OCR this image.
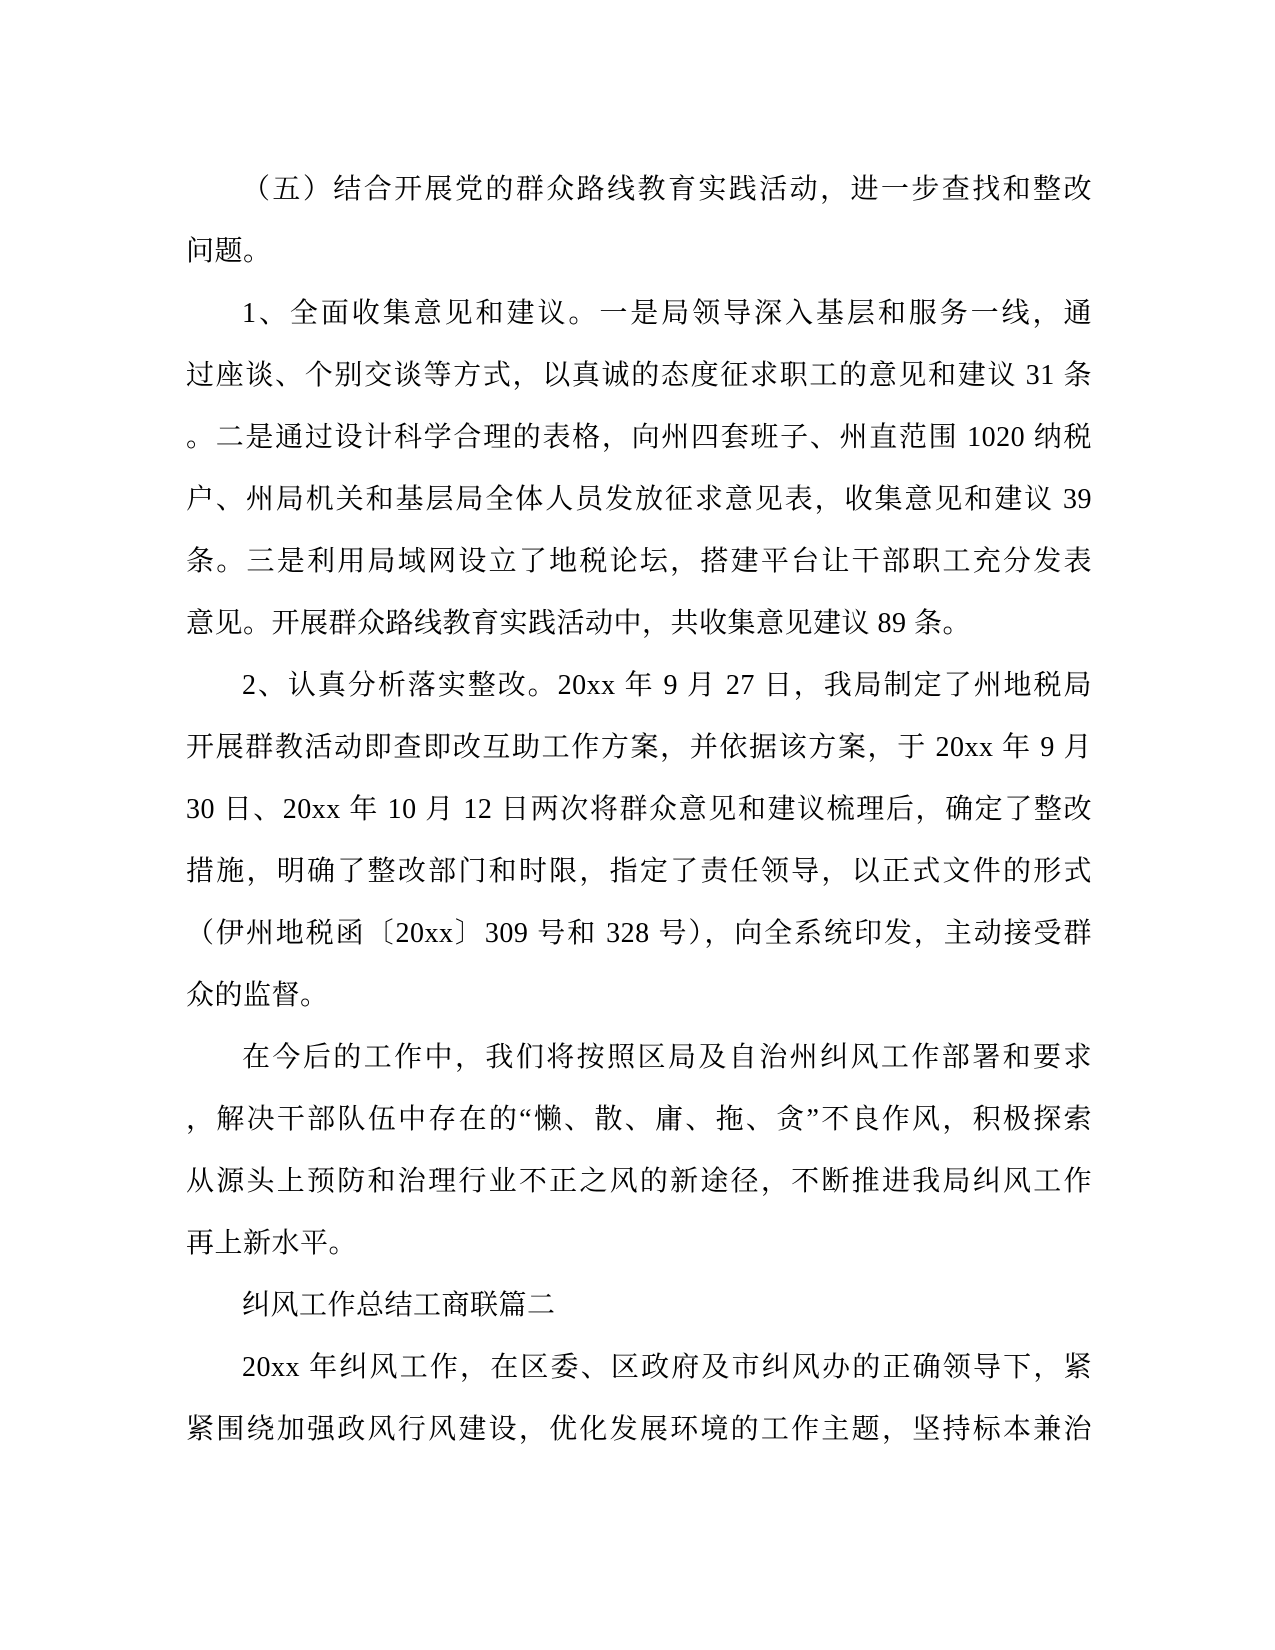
（五）结合开展党的群众路线教育实践活动，进一步查找和整改
问题。
1、全面收集意见和建议。一是局领导深入基层和服务一线，通
过座谈、个别交谈等方式，以真诚的态度征求职工的意见和建议 31 条
。二是通过设计科学合理的表格，向州四套班子、州直范围 1020 纳税
户、州局机关和基层局全体人员发放征求意见表，收集意见和建议 39
条。三是利用局域网设立了地税论坛，搭建平台让干部职工充分发表
意见。开展群众路线教育实践活动中，共收集意见建议 89 条。
2、认真分析落实整改。20xx 年 9 月 27 日，我局制定了州地税局
开展群教活动即查即改互助工作方案，并依据该方案，于 20xx 年 9 月
30 日、20xx 年 10 月 12 日两次将群众意见和建议梳理后，确定了整改
措施，明确了整改部门和时限，指定了责任领导，以正式文件的形式
（伊州地税函〔20xx〕309 号和 328 号），向全系统印发，主动接受群
众的监督。
在今后的工作中，我们将按照区局及自治州纠风工作部署和要求
，解决干部队伍中存在的“懒、散、庸、拖、贪”不良作风，积极探索
从源头上预防和治理行业不正之风的新途径，不断推进我局纠风工作
再上新水平。
纠风工作总结工商联篇二
20xx 年纠风工作，在区委、区政府及市纠风办的正确领导下，紧
紧围绕加强政风行风建设，优化发展环境的工作主题，坚持标本兼治
